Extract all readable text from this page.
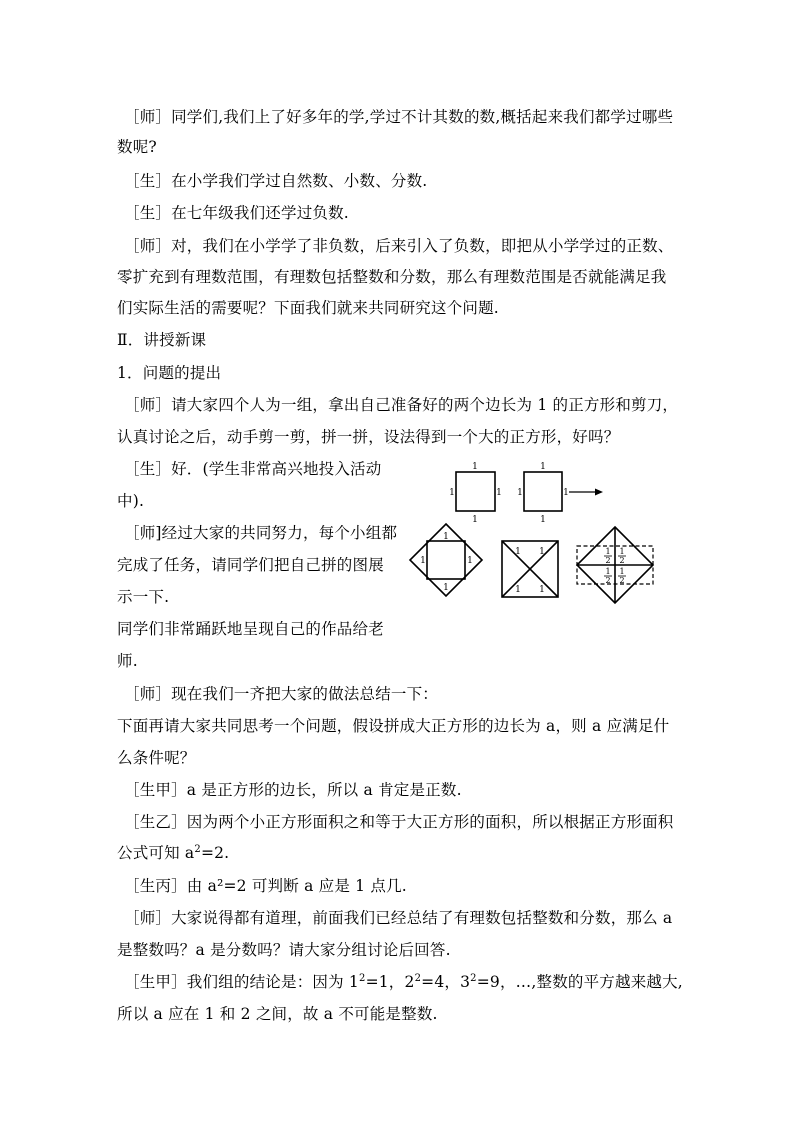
［师］同学们,我们上了好多年的学,学过不计其数的数,概括起来我们都学过哪些
数呢?
［生］在小学我们学过自然数、小数、分数.
［生］在七年级我们还学过负数.
［师］对，我们在小学学了非负数，后来引入了负数，即把从小学学过的正数、
零扩充到有理数范围，有理数包括整数和分数，那么有理数范围是否就能满足我
们实际生活的需要呢？下面我们就来共同研究这个问题.
Ⅱ．讲授新课
1．问题的提出
［师］请大家四个人为一组，拿出自己准备好的两个边长为 1 的正方形和剪刀，
认真讨论之后，动手剪一剪，拼一拼，设法得到一个大的正方形，好吗？
［生］好．(学生非常高兴地投入活动
中).
［师]经过大家的共同努力，每个小组都
完成了任务，请同学们把自己拼的图展
示一下.
同学们非常踊跃地呈现自己的作品给老
师.
［师］现在我们一齐把大家的做法总结一下：
下面再请大家共同思考一个问题，假设拼成大正方形的边长为 a，则 a 应满足什
么条件呢？
［生甲］a 是正方形的边长，所以 a 肯定是正数.
［生乙］因为两个小正方形面积之和等于大正方形的面积，所以根据正方形面积
公式可知 $a^2=2$.
［生丙］由 a²=2 可判断 a 应是 1 点几.
［师］大家说得都有道理，前面我们已经总结了有理数包括整数和分数，那么 a
是整数吗？a 是分数吗？请大家分组讨论后回答.
［生甲］我们组的结论是：因为 $1^2=1$，$2^2=4$，$3^2=9$，…,整数的平方越来越大,
所以 a 应在 1 和 2 之间，故 a 不可能是整数.
1
1
1	1
1
1
1	1
1
1
1	1
1 1
1 1
1
2
1
2
1
2
1
2
